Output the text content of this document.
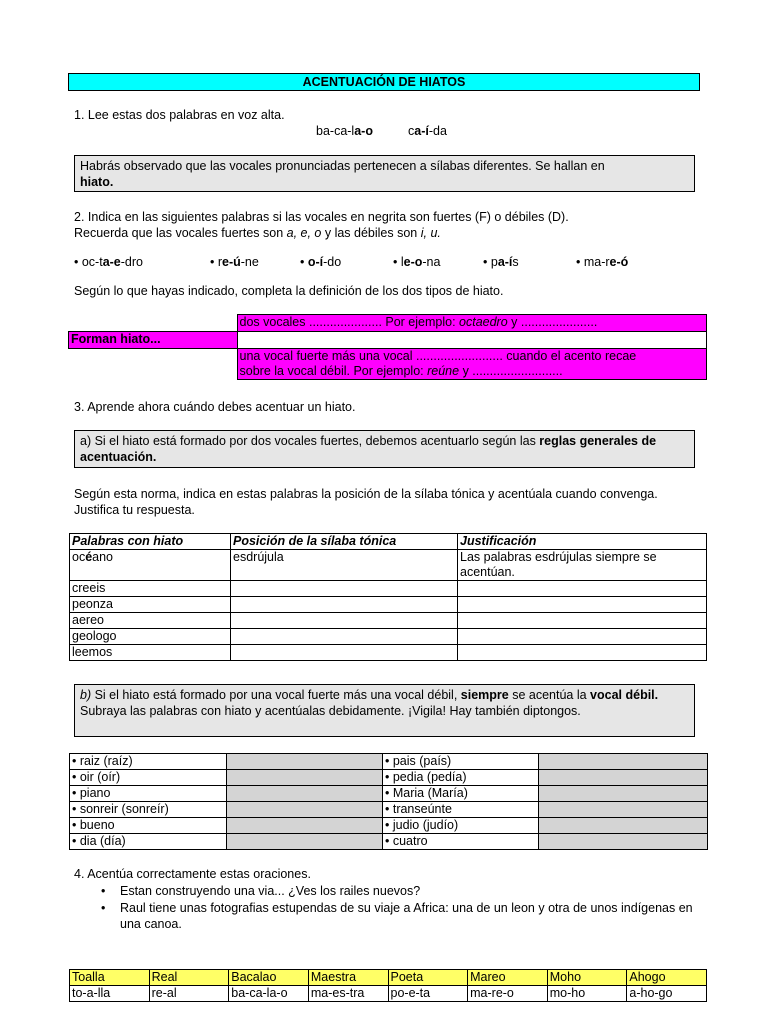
ACENTUACIÓN DE HIATOS
1. Lee estas dos palabras en voz alta.
ba-ca-la-o	ca-í-da
Habrás observado que las vocales pronunciadas pertenecen a sílabas diferentes. Se hallan en
hiato.
2. Indica en las siguientes palabras si las vocales en negrita son fuertes (F) o débiles (D).
Recuerda que las vocales fuertes son a, e, o y las débiles son i, u.
• oc-ta-e-dro	• re-ú-ne	• o-í-do	• le-o-na	• pa-ís	• ma-re-ó
Según lo que hayas indicado, completa la definición de los dos tipos de hiato.
	dos vocales ..................... Por ejemplo: octaedro y ......................
Forman hiato...	
	una vocal fuerte más una vocal ......................... cuando el acento recae
sobre la vocal débil. Por ejemplo: reúne y ..........................
3. Aprende ahora cuándo debes acentuar un hiato.
a) Si el hiato está formado por dos vocales fuertes, debemos acentuarlo según las reglas generales de acentuación.
Según esta norma, indica en estas palabras la posición de la sílaba tónica y acentúala cuando convenga. Justifica tu respuesta.
Palabras con hiato	Posición de la sílaba tónica	Justificación
océano	esdrújula	Las palabras esdrújulas siempre se acentúan.
creeis		
peonza		
aereo		
geologo		
leemos		
b) Si el hiato está formado por una vocal fuerte más una vocal débil, siempre se acentúa la vocal débil. Subraya las palabras con hiato y acentúalas debidamente. ¡Vigila! Hay también diptongos.
• raiz (raíz)		• pais (país)	
• oir (oír)		• pedia (pedía)	
• piano		• Maria (María)	
• sonreir (sonreír)		• transeúnte	
• bueno		• judio (judío)	
• dia (día)		• cuatro	
4. Acentúa correctamente estas oraciones.
• Estan construyendo una via... ¿Ves los railes nuevos?
• Raul tiene unas fotografias estupendas de su viaje a Africa: una de un leon y otra de unos indígenas en una canoa.
Toalla	Real	Bacalao	Maestra	Poeta	Mareo	Moho	Ahogo
to-a-lla	re-al	ba-ca-la-o	ma-es-tra	po-e-ta	ma-re-o	mo-ho	a-ho-go
